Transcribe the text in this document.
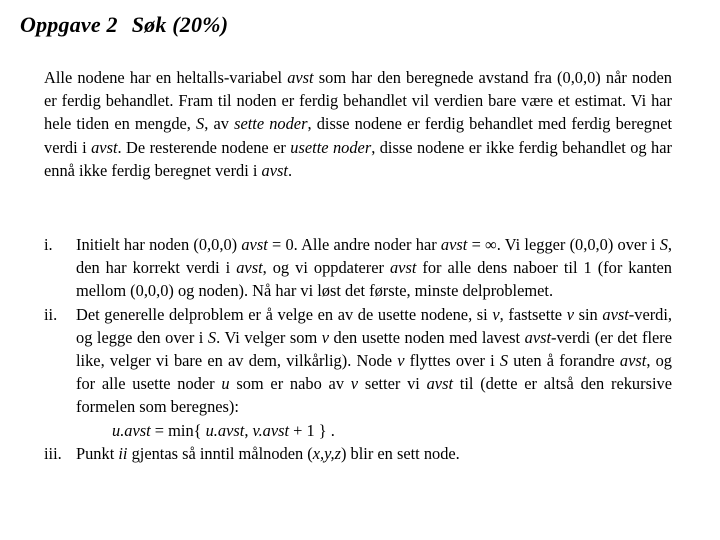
Oppgave 2 Søk (20%)

Alle nodene har en heltalls-variabel avst som har den beregnede avstand fra (0,0,0) når noden er ferdig behandlet. Fram til noden er ferdig behandlet vil verdien bare være et estimat. Vi har hele tiden en mengde, S, av sette noder, disse nodene er ferdig behandlet med ferdig beregnet verdi i avst. De resterende nodene er usette noder, disse nodene er ikke ferdig behandlet og har ennå ikke ferdig beregnet verdi i avst.

i. Initielt har noden (0,0,0) avst = 0. Alle andre noder har avst = ∞. Vi legger (0,0,0) over i S, den har korrekt verdi i avst, og vi oppdaterer avst for alle dens naboer til 1 (for kanten mellom (0,0,0) og noden). Nå har vi løst det første, minste delproblemet.
ii. Det generelle delproblem er å velge en av de usette nodene, si v, fastsette v sin avst-verdi, og legge den over i S. Vi velger som v den usette noden med lavest avst-verdi (er det flere like, velger vi bare en av dem, vilkårlig). Node v flyttes over i S uten å forandre avst, og for alle usette noder u som er nabo av v setter vi avst til (dette er altså den rekursive formelen som beregnes):
u.avst = min{ u.avst, v.avst + 1 } .
iii. Punkt ii gjentas så inntil målnoden (x,y,z) blir en sett node.
